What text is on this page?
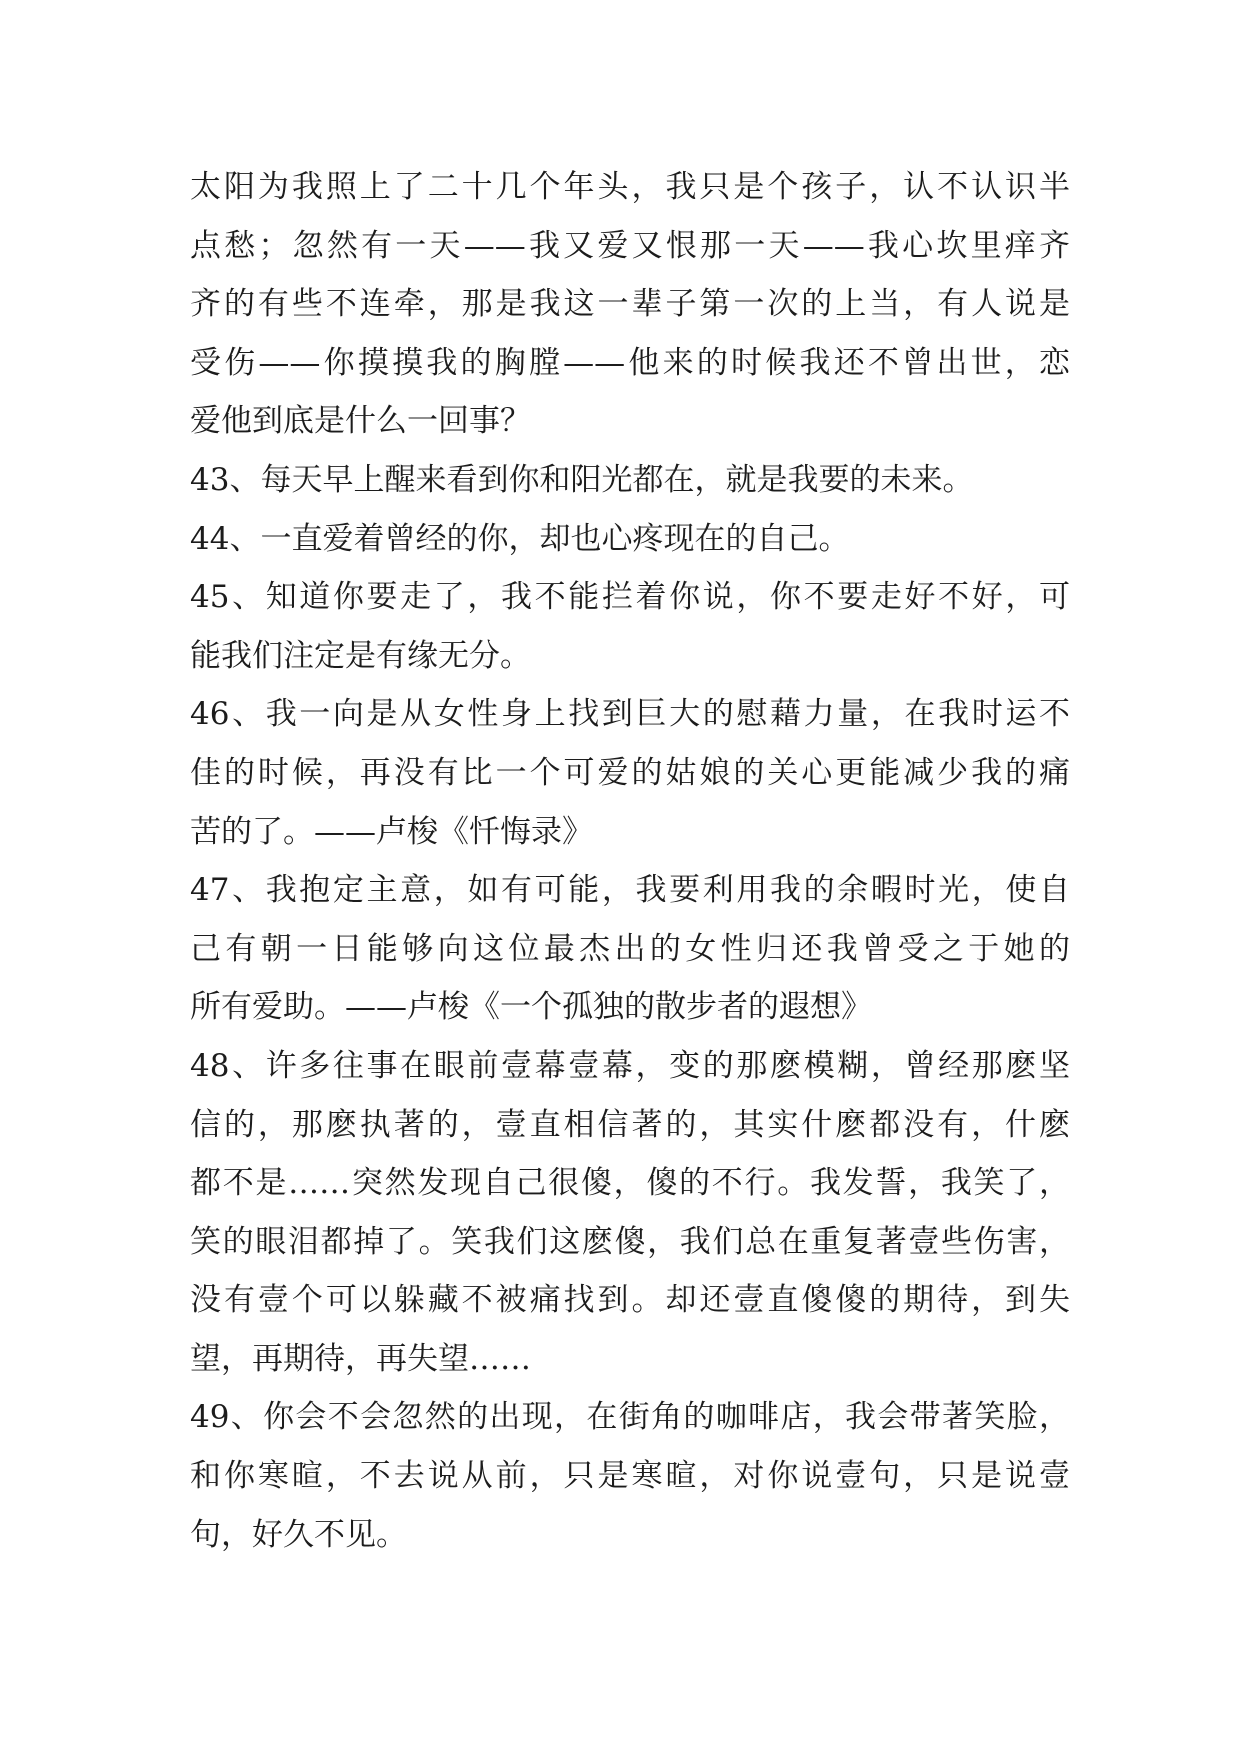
太阳为我照上了二十几个年头，我只是个孩子，认不认识半
点愁；忽然有一天——我又爱又恨那一天——我心坎里痒齐
齐的有些不连牵，那是我这一辈子第一次的上当，有人说是
受伤——你摸摸我的胸膛——他来的时候我还不曾出世，恋
爱他到底是什么一回事？
43、每天早上醒来看到你和阳光都在，就是我要的未来。
44、一直爱着曾经的你，却也心疼现在的自己。
45、知道你要走了，我不能拦着你说，你不要走好不好，可
能我们注定是有缘无分。
46、我一向是从女性身上找到巨大的慰藉力量，在我时运不
佳的时候，再没有比一个可爱的姑娘的关心更能减少我的痛
苦的了。——卢梭《忏悔录》
47、我抱定主意，如有可能，我要利用我的余暇时光，使自
己有朝一日能够向这位最杰出的女性归还我曾受之于她的
所有爱助。——卢梭《一个孤独的散步者的遐想》
48、许多往事在眼前壹幕壹幕，变的那麽模糊，曾经那麽坚
信的，那麽执著的，壹直相信著的，其实什麽都没有，什麽
都不是……突然发现自己很傻，傻的不行。我发誓，我笑了，
笑的眼泪都掉了。笑我们这麽傻，我们总在重复著壹些伤害，
没有壹个可以躲藏不被痛找到。却还壹直傻傻的期待，到失
望，再期待，再失望……
49、你会不会忽然的出现，在街角的咖啡店，我会带著笑脸，
和你寒暄，不去说从前，只是寒暄，对你说壹句，只是说壹
句，好久不见。
